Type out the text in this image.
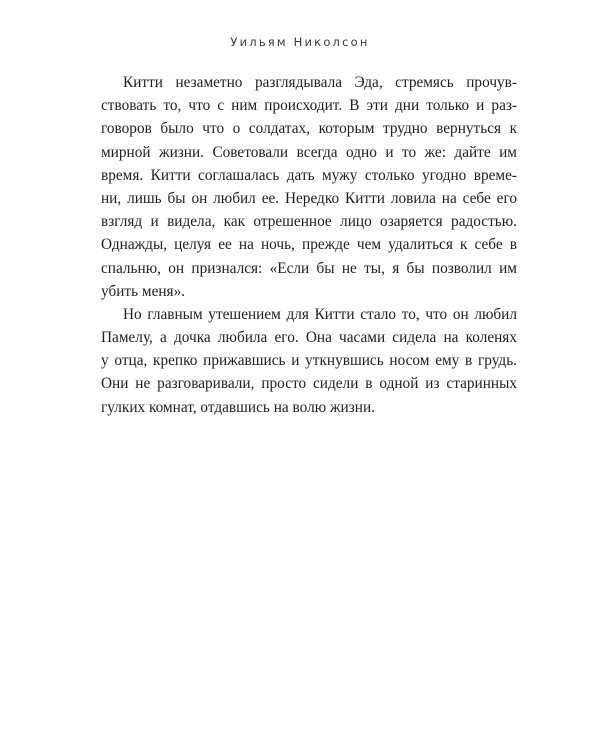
Уильям Николсон
Китти незаметно разглядывала Эда, стремясь прочув-
ствовать то, что с ним происходит. В эти дни только и раз-
говоров было что о солдатах, которым трудно вернуться к
мирной жизни. Советовали всегда одно и то же: дайте им
время. Китти соглашалась дать мужу столько угодно време-
ни, лишь бы он любил ее. Нередко Китти ловила на себе его
взгляд и видела, как отрешенное лицо озаряется радостью.
Однажды, целуя ее на ночь, прежде чем удалиться к себе в
спальню, он признался: «Если бы не ты, я бы позволил им
убить меня».
Но главным утешением для Китти стало то, что он любил
Памелу, а дочка любила его. Она часами сидела на коленях
у отца, крепко прижавшись и уткнувшись носом ему в грудь.
Они не разговаривали, просто сидели в одной из старинных
гулких комнат, отдавшись на волю жизни.
